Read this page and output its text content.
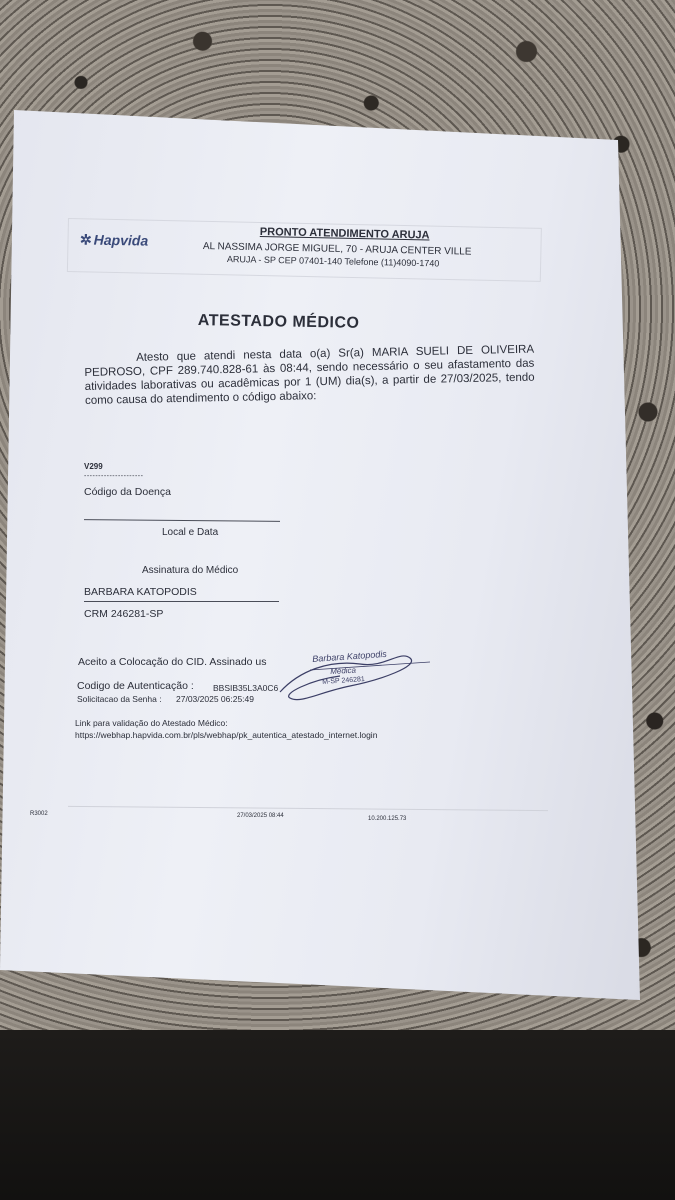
✲ Hapvida	PRONTO ATENDIMENTO ARUJA
AL NASSIMA JORGE MIGUEL, 70 - ARUJA CENTER VILLE
ARUJA - SP CEP 07401-140 Telefone (11)4090-1740
ATESTADO MÉDICO
Atesto que atendi nesta data o(a) Sr(a) MARIA SUELI DE OLIVEIRA PEDROSO, CPF 289.740.828-61 às 08:44, sendo necessário o seu afastamento das atividades laborativas ou acadêmicas por 1 (UM) dia(s), a partir de 27/03/2025, tendo como causa do atendimento o código abaixo:
V299
---------------------
Código da Doença
Local e Data
Assinatura do Médico
BARBARA KATOPODIS
CRM 246281-SP
Aceito a Colocação do CID. Assinado us	Barbara Katopodis
Médica
M-SP 246281
Codigo de Autenticação : BBSIB35L3A0C6
Solicitacao da Senha : 27/03/2025 06:25:49
Link para validação do Atestado Médico:
https://webhap.hapvida.com.br/pls/webhap/pk_autentica_atestado_internet.login
R3002	27/03/2025 08:44	10.200.125.73
